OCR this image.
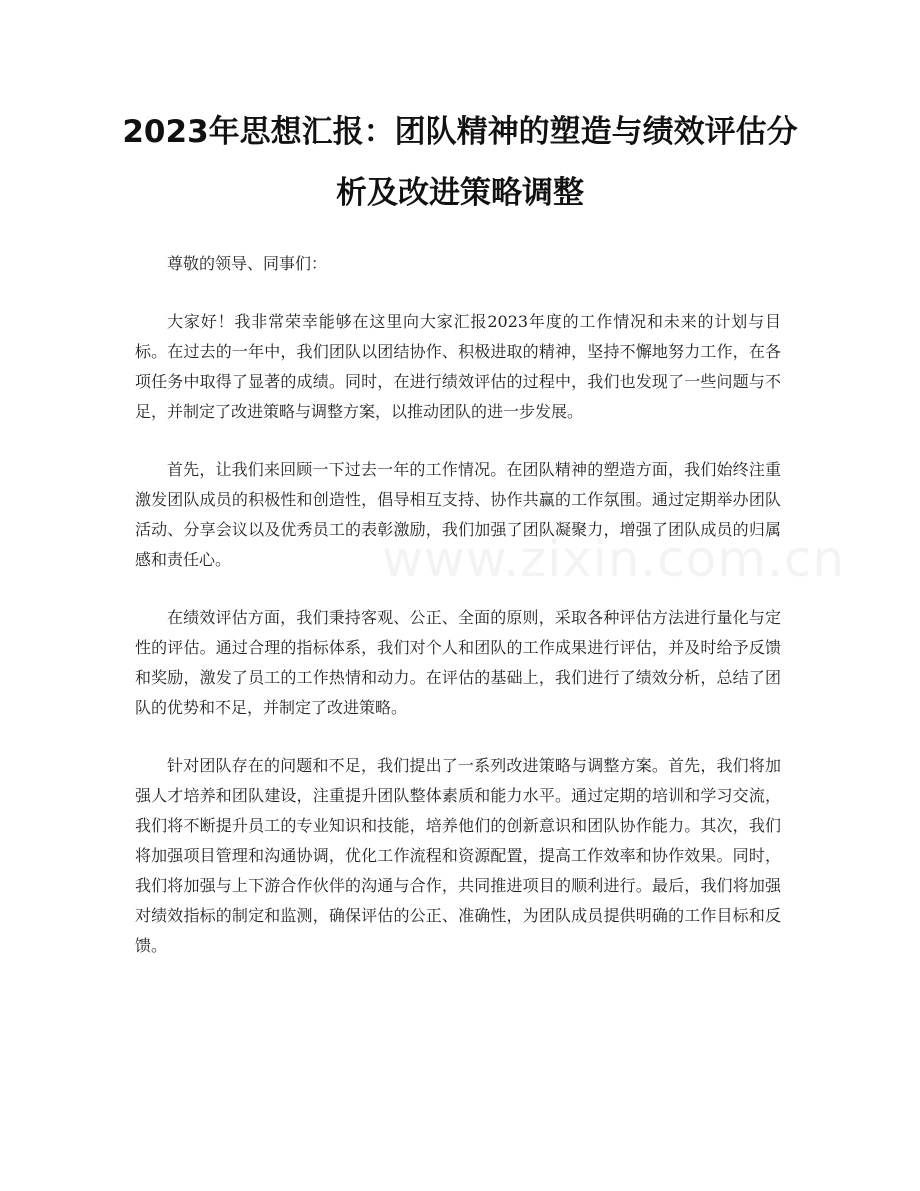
2023年思想汇报：团队精神的塑造与绩效评估分析及改进策略调整

尊敬的领导、同事们：

大家好！我非常荣幸能够在这里向大家汇报2023年度的工作情况和未来的计划与目标。在过去的一年中，我们团队以团结协作、积极进取的精神，坚持不懈地努力工作，在各项任务中取得了显著的成绩。同时，在进行绩效评估的过程中，我们也发现了一些问题与不足，并制定了改进策略与调整方案，以推动团队的进一步发展。

首先，让我们来回顾一下过去一年的工作情况。在团队精神的塑造方面，我们始终注重激发团队成员的积极性和创造性，倡导相互支持、协作共赢的工作氛围。通过定期举办团队活动、分享会议以及优秀员工的表彰激励，我们加强了团队凝聚力，增强了团队成员的归属感和责任心。

在绩效评估方面，我们秉持客观、公正、全面的原则，采取各种评估方法进行量化与定性的评估。通过合理的指标体系，我们对个人和团队的工作成果进行评估，并及时给予反馈和奖励，激发了员工的工作热情和动力。在评估的基础上，我们进行了绩效分析，总结了团队的优势和不足，并制定了改进策略。

针对团队存在的问题和不足，我们提出了一系列改进策略与调整方案。首先，我们将加强人才培养和团队建设，注重提升团队整体素质和能力水平。通过定期的培训和学习交流，我们将不断提升员工的专业知识和技能，培养他们的创新意识和团队协作能力。其次，我们将加强项目管理和沟通协调，优化工作流程和资源配置，提高工作效率和协作效果。同时，我们将加强与上下游合作伙伴的沟通与合作，共同推进项目的顺利进行。最后，我们将加强对绩效指标的制定和监测，确保评估的公正、准确性，为团队成员提供明确的工作目标和反馈。
